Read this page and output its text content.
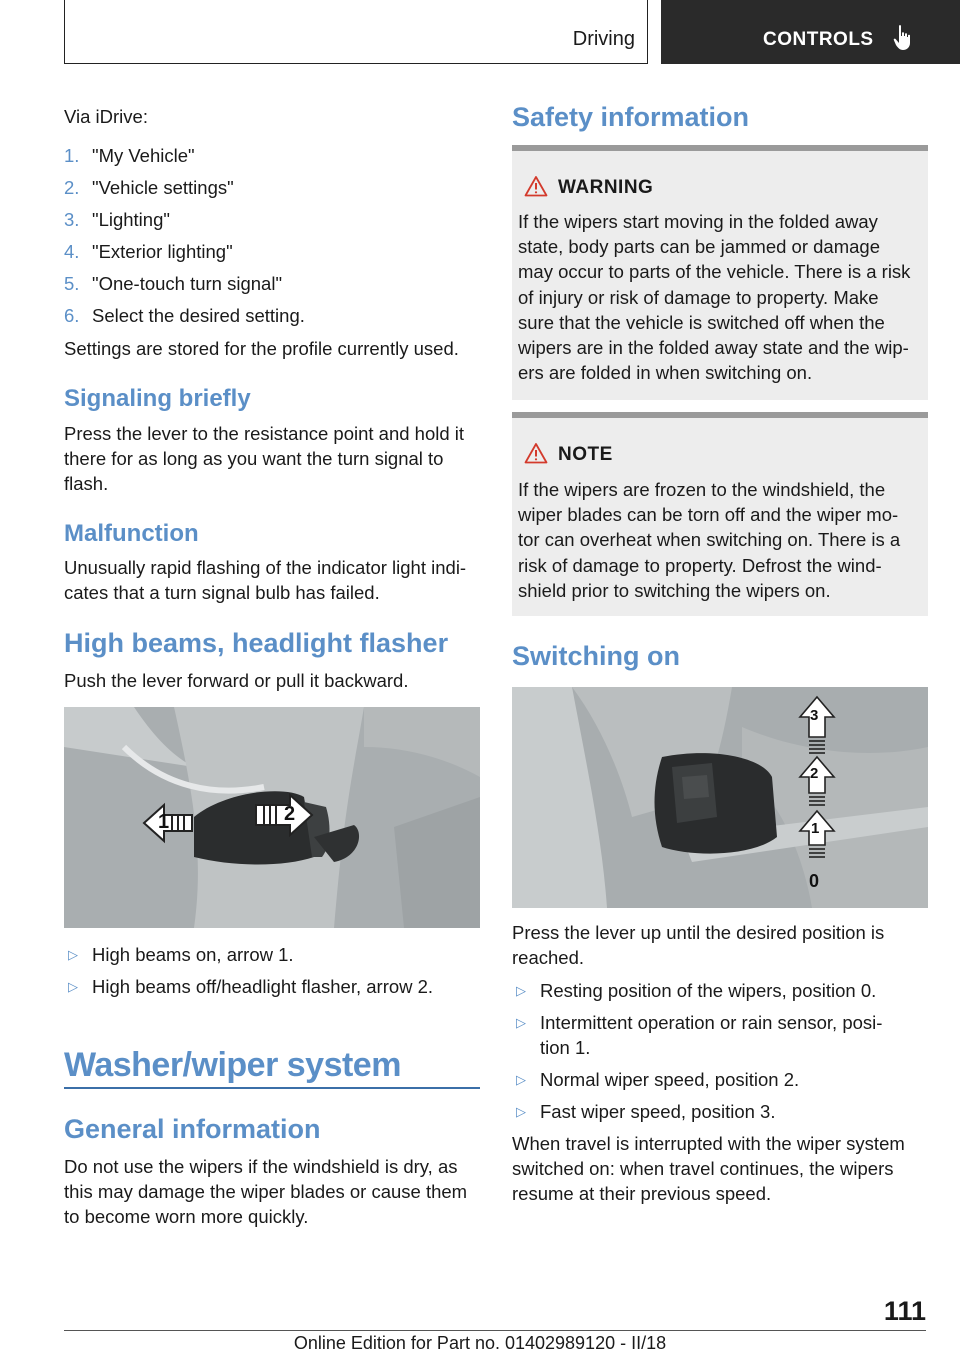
Driving	CONTROLS
Via iDrive:
1. "My Vehicle"
2. "Vehicle settings"
3. "Lighting"
4. "Exterior lighting"
5. "One-touch turn signal"
6. Select the desired setting.
Settings are stored for the profile currently used.
Signaling briefly
Press the lever to the resistance point and hold it
there for as long as you want the turn signal to
flash.
Malfunction
Unusually rapid flashing of the indicator light indi-
cates that a turn signal bulb has failed.
High beams, headlight flasher
Push the lever forward or pull it backward.
1	2
▷ High beams on, arrow 1.
▷ High beams off/headlight flasher, arrow 2.
Washer/wiper system
General information
Do not use the wipers if the windshield is dry, as
this may damage the wiper blades or cause them
to become worn more quickly.
Safety information
WARNING
If the wipers start moving in the folded away
state, body parts can be jammed or damage
may occur to parts of the vehicle. There is a risk
of injury or risk of damage to property. Make
sure that the vehicle is switched off when the
wipers are in the folded away state and the wip-
ers are folded in when switching on.
NOTE
If the wipers are frozen to the windshield, the
wiper blades can be torn off and the wiper mo-
tor can overheat when switching on. There is a
risk of damage to property. Defrost the wind-
shield prior to switching the wipers on.
Switching on
3
2
1
0
Press the lever up until the desired position is
reached.
▷ Resting position of the wipers, position 0.
▷ Intermittent operation or rain sensor, posi-
tion 1.
▷ Normal wiper speed, position 2.
▷ Fast wiper speed, position 3.
When travel is interrupted with the wiper system
switched on: when travel continues, the wipers
resume at their previous speed.
111
Online Edition for Part no. 01402989120 - II/18
